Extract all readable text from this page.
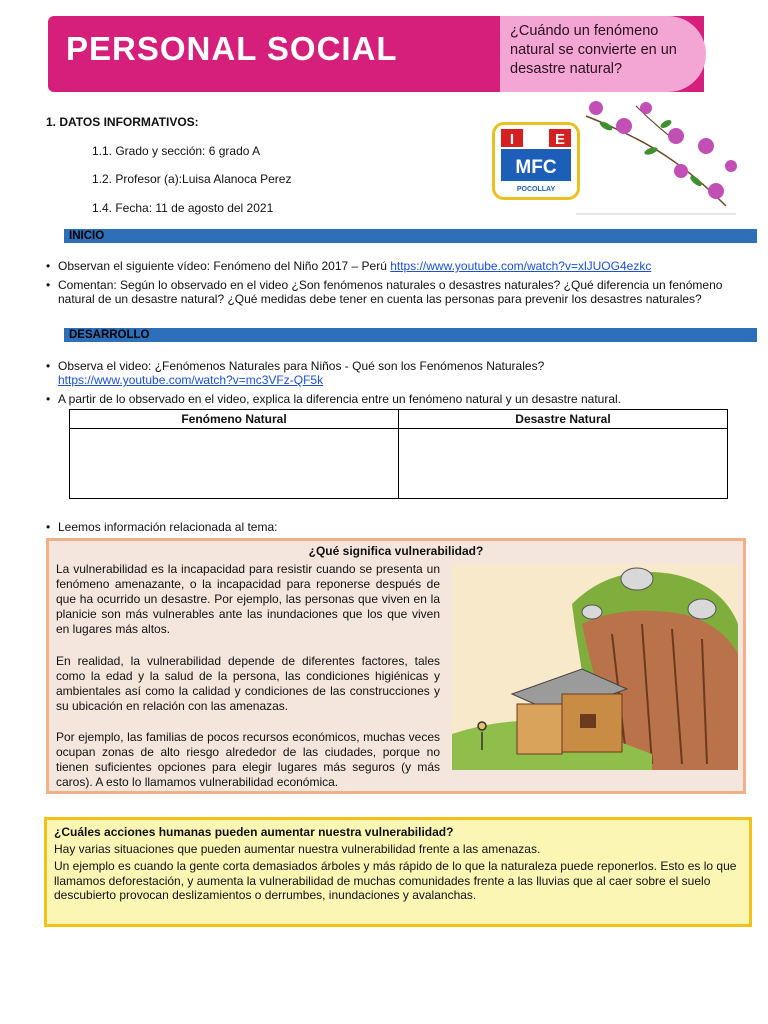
PERSONAL SOCIAL	¿Cuándo un fenómeno natural se convierte en un desastre natural?
1. DATOS INFORMATIVOS:
1.1. Grado y sección: 6 grado A
1.2. Profesor (a):Luisa Alanoca Perez
1.4. Fecha: 11 de agosto del 2021
I	E
MFC
POCOLLAY
INICIO
• Observan el siguiente vídeo: Fenómeno del Niño 2017 – Perú https://www.youtube.com/watch?v=xlJUOG4ezkc
• Comentan: Según lo observado en el video ¿Son fenómenos naturales o desastres naturales? ¿Qué diferencia un fenómeno natural de un desastre natural? ¿Qué medidas debe tener en cuenta las personas para prevenir los desastres naturales?
DESARROLLO
• Observa el video: ¿Fenómenos Naturales para Niños - Qué son los Fenómenos Naturales?
https://www.youtube.com/watch?v=mc3VFz-QF5k
• A partir de lo observado en el video, explica la diferencia entre un fenómeno natural y un desastre natural.
Fenómeno Natural	Desastre Natural

• Leemos información relacionada al tema:
¿Qué significa vulnerabilidad?
La vulnerabilidad es la incapacidad para resistir cuando se presenta un fenómeno amenazante, o la incapacidad para reponerse después de que ha ocurrido un desastre. Por ejemplo, las personas que viven en la planicie son más vulnerables ante las inundaciones que los que viven en lugares más altos.
En realidad, la vulnerabilidad depende de diferentes factores, tales como la edad y la salud de la persona, las condiciones higiénicas y ambientales así como la calidad y condiciones de las construcciones y su ubicación en relación con las amenazas.
Por ejemplo, las familias de pocos recursos económicos, muchas veces ocupan zonas de alto riesgo alrededor de las ciudades, porque no tienen suficientes opciones para elegir lugares más seguros (y más caros). A esto lo llamamos vulnerabilidad económica.
¿Cuáles acciones humanas pueden aumentar nuestra vulnerabilidad?
Hay varias situaciones que pueden aumentar nuestra vulnerabilidad frente a las amenazas.
Un ejemplo es cuando la gente corta demasiados árboles y más rápido de lo que la naturaleza puede reponerlos. Esto es lo que llamamos deforestación, y aumenta la vulnerabilidad de muchas comunidades frente a las lluvias que al caer sobre el suelo descubierto provocan deslizamientos o derrumbes, inundaciones y avalanchas.
